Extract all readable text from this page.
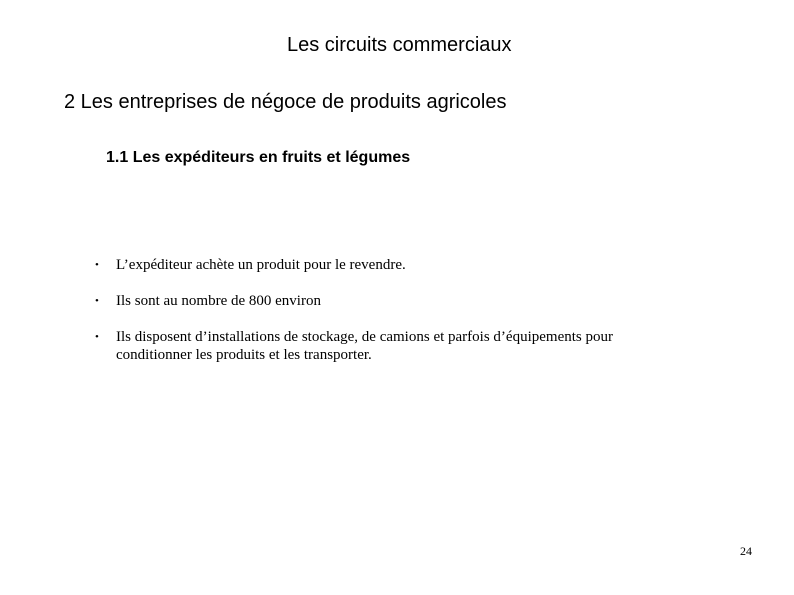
Les circuits commerciaux
2 Les entreprises de négoce de produits agricoles
1.1 Les expéditeurs en fruits et légumes
• L’expéditeur achète un produit pour le revendre.
• Ils sont au nombre de 800 environ
• Ils disposent d’installations de stockage, de camions et parfois d’équipements pour conditionner les produits et les transporter.
24
